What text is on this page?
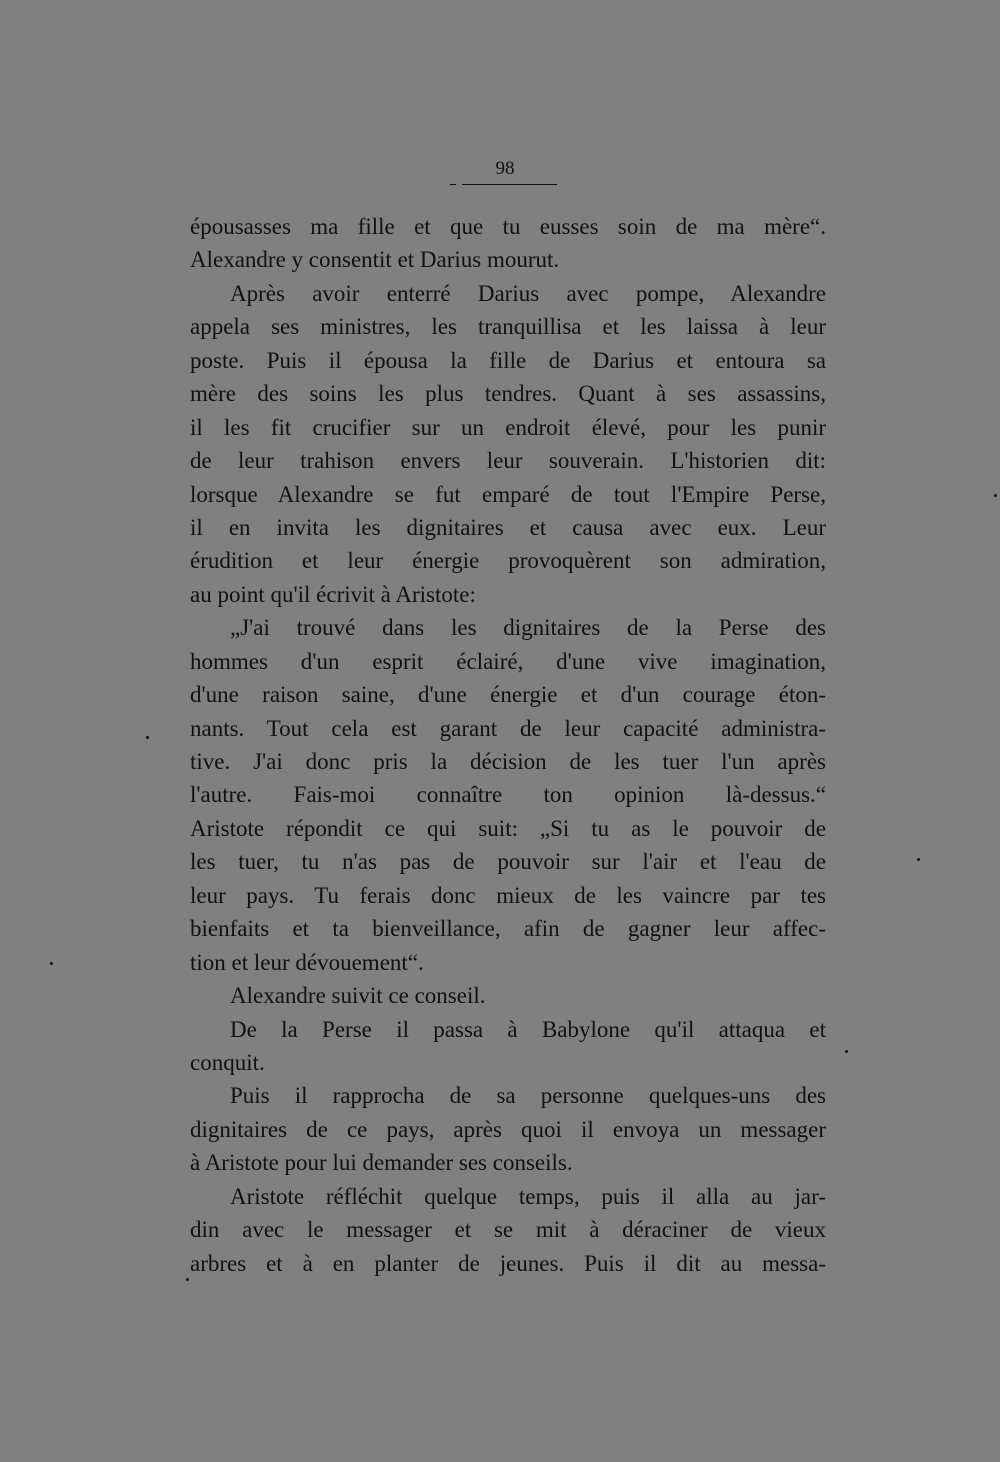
98
épousasses ma fille et que tu eusses soin de ma mère“.
Alexandre y consentit et Darius mourut.
Après avoir enterré Darius avec pompe, Alexandre
appela ses ministres, les tranquillisa et les laissa à leur
poste. Puis il épousa la fille de Darius et entoura sa
mère des soins les plus tendres. Quant à ses assassins,
il les fit crucifier sur un endroit élevé, pour les punir
de leur trahison envers leur souverain. L'historien dit:
lorsque Alexandre se fut emparé de tout l'Empire Perse,
il en invita les dignitaires et causa avec eux. Leur
érudition et leur énergie provoquèrent son admiration,
au point qu'il écrivit à Aristote:
„J'ai trouvé dans les dignitaires de la Perse des
hommes d'un esprit éclairé, d'une vive imagination,
d'une raison saine, d'une énergie et d'un courage éton-
nants. Tout cela est garant de leur capacité administra-
tive. J'ai donc pris la décision de les tuer l'un après
l'autre. Fais-moi connaître ton opinion là-dessus.“
Aristote répondit ce qui suit: „Si tu as le pouvoir de
les tuer, tu n'as pas de pouvoir sur l'air et l'eau de
leur pays. Tu ferais donc mieux de les vaincre par tes
bienfaits et ta bienveillance, afin de gagner leur affec-
tion et leur dévouement“.
Alexandre suivit ce conseil.
De la Perse il passa à Babylone qu'il attaqua et
conquit.
Puis il rapprocha de sa personne quelques-uns des
dignitaires de ce pays, après quoi il envoya un messager
à Aristote pour lui demander ses conseils.
Aristote réfléchit quelque temps, puis il alla au jar-
din avec le messager et se mit à déraciner de vieux
arbres et à en planter de jeunes. Puis il dit au messa-
